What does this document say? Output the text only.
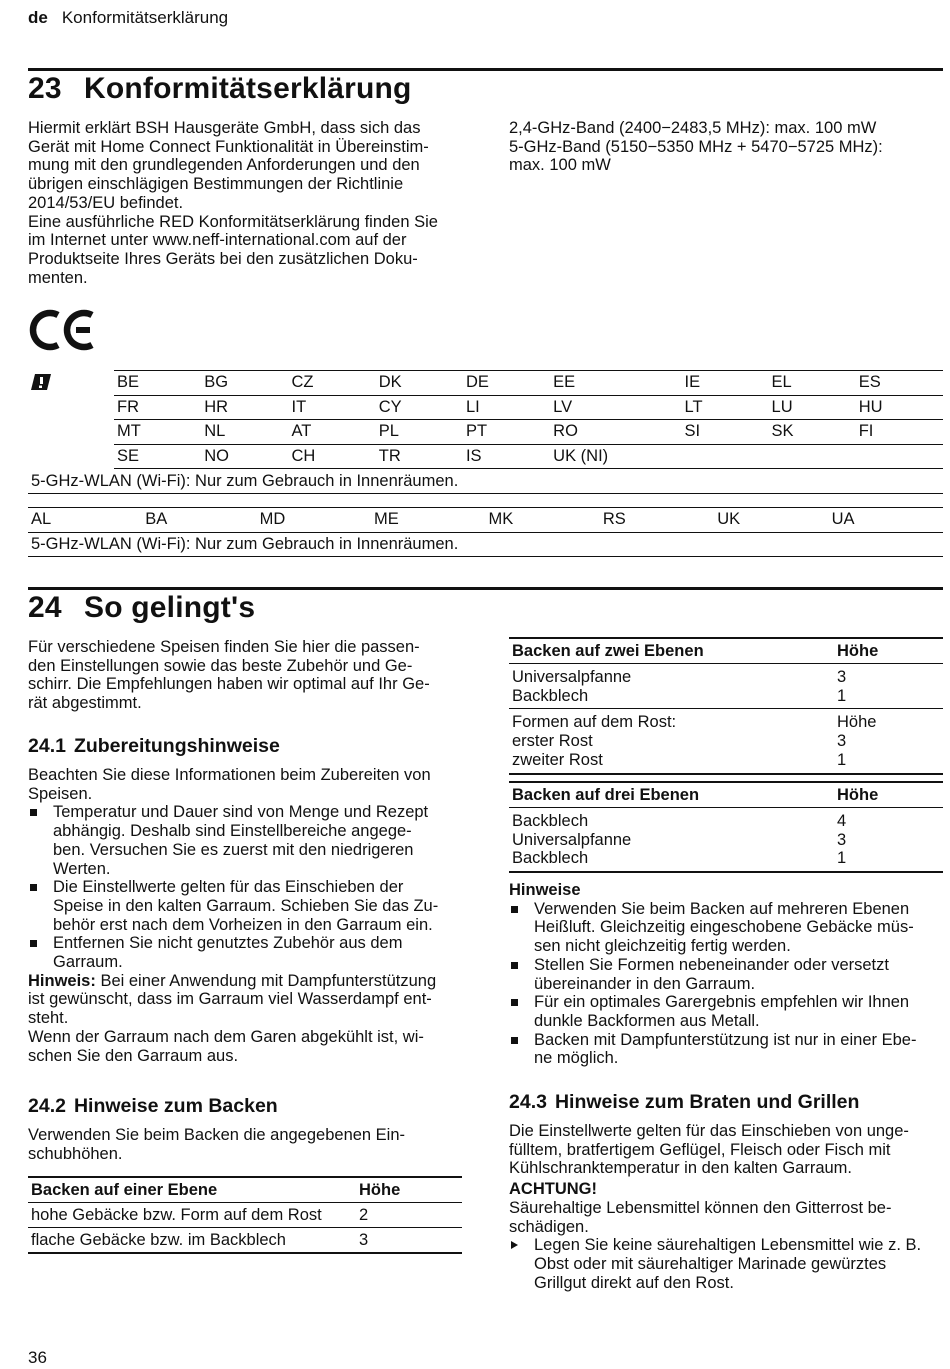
de Konformitätserklärung
23 Konformitätserklärung
Hiermit erklärt BSH Hausgeräte GmbH, dass sich das
Gerät mit Home Connect Funktionalität in Übereinstim-
mung mit den grundlegenden Anforderungen und den
übrigen einschlägigen Bestimmungen der Richtlinie
2014/53/EU befindet.
Eine ausführliche RED Konformitätserklärung finden Sie
im Internet unter www.neff-international.com auf der
Produktseite Ihres Geräts bei den zusätzlichen Doku-
menten.
2,4-GHz-Band (2400−2483,5 MHz): max. 100 mW
5-GHz-Band (5150−5350 MHz + 5470−5725 MHz):
max. 100 mW
BE	BG	CZ	DK	DE	EE	IE	EL	ES
FR	HR	IT	CY	LI	LV	LT	LU	HU
MT	NL	AT	PL	PT	RO	SI	SK	FI
SE	NO	CH	TR	IS	UK (NI)			
5-GHz-WLAN (Wi-Fi): Nur zum Gebrauch in Innenräumen.
AL	BA	MD	ME	MK	RS	UK	UA
5-GHz-WLAN (Wi-Fi): Nur zum Gebrauch in Innenräumen.
24 So gelingt's
Für verschiedene Speisen finden Sie hier die passen-
den Einstellungen sowie das beste Zubehör und Ge-
schirr. Die Empfehlungen haben wir optimal auf Ihr Ge-
rät abgestimmt.
24.1 Zubereitungshinweise
Beachten Sie diese Informationen beim Zubereiten von
Speisen.
Temperatur und Dauer sind von Menge und Rezept
abhängig. Deshalb sind Einstellbereiche angege-
ben. Versuchen Sie es zuerst mit den niedrigeren
Werten.
Die Einstellwerte gelten für das Einschieben der
Speise in den kalten Garraum. Schieben Sie das Zu-
behör erst nach dem Vorheizen in den Garraum ein.
Entfernen Sie nicht genutztes Zubehör aus dem
Garraum.
Hinweis: Bei einer Anwendung mit Dampfunterstützung
ist gewünscht, dass im Garraum viel Wasserdampf ent-
steht.
Wenn der Garraum nach dem Garen abgekühlt ist, wi-
schen Sie den Garraum aus.
24.2 Hinweise zum Backen
Verwenden Sie beim Backen die angegebenen Ein-
schubhöhen.
Backen auf einer Ebene	Höhe
hohe Gebäcke bzw. Form auf dem Rost	2
flache Gebäcke bzw. im Backblech	3
Backen auf zwei Ebenen	Höhe
Universalpfanne	3
Backblech	1
Formen auf dem Rost:	Höhe
erster Rost	3
zweiter Rost	1
Backen auf drei Ebenen	Höhe
Backblech	4
Universalpfanne	3
Backblech	1
Hinweise
Verwenden Sie beim Backen auf mehreren Ebenen
Heißluft. Gleichzeitig eingeschobene Gebäcke müs-
sen nicht gleichzeitig fertig werden.
Stellen Sie Formen nebeneinander oder versetzt
übereinander in den Garraum.
Für ein optimales Garergebnis empfehlen wir Ihnen
dunkle Backformen aus Metall.
Backen mit Dampfunterstützung ist nur in einer Ebe-
ne möglich.
24.3 Hinweise zum Braten und Grillen
Die Einstellwerte gelten für das Einschieben von unge-
fülltem, bratfertigem Geflügel, Fleisch oder Fisch mit
Kühlschranktemperatur in den kalten Garraum.
ACHTUNG!
Säurehaltige Lebensmittel können den Gitterrost be-
schädigen.
Legen Sie keine säurehaltigen Lebensmittel wie z. B.
Obst oder mit säurehaltiger Marinade gewürztes
Grillgut direkt auf den Rost.
36
